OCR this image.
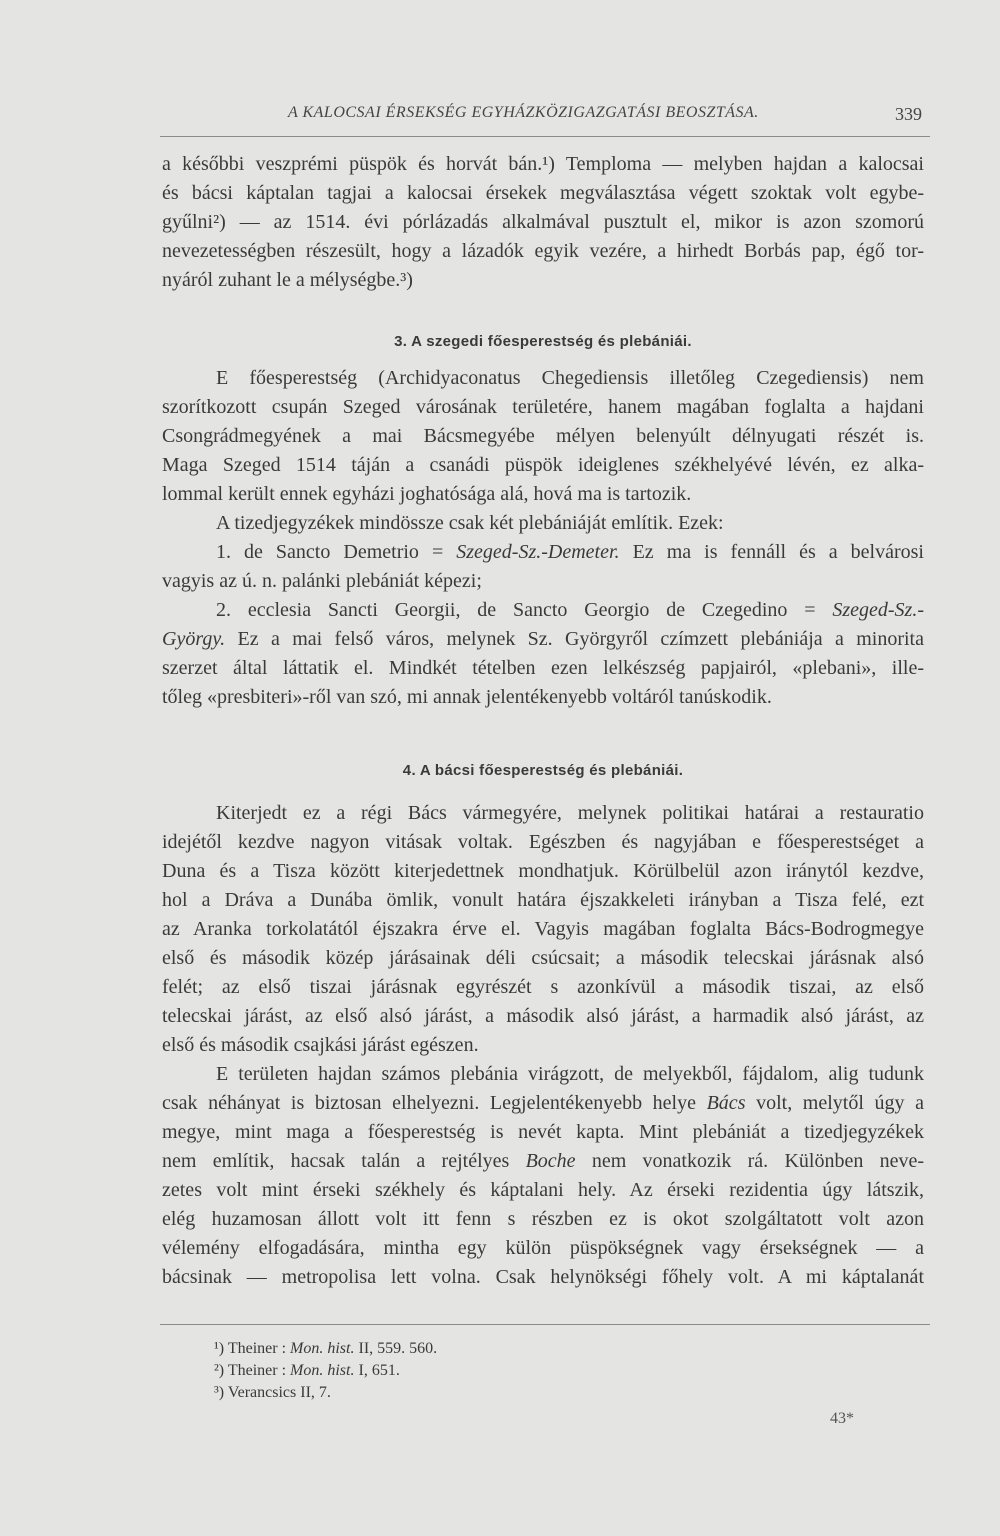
A KALOCSAI ÉRSEKSÉG EGYHÁZKÖZIGAZGATÁSI BEOSZTÁSA.	339
a későbbi veszprémi püspök és horvát bán.¹) Temploma — melyben hajdan a kalocsai
és bácsi káptalan tagjai a kalocsai érsekek megválasztása végett szoktak volt egybe-
gyűlni²) — az 1514. évi pórlázadás alkalmával pusztult el, mikor is azon szomorú
nevezetességben részesült, hogy a lázadók egyik vezére, a hirhedt Borbás pap, égő tor-
nyáról zuhant le a mélységbe.³)
3. A szegedi főesperestség és plebániái.
E főesperestség (Archidyaconatus Chegediensis illetőleg Czegediensis) nem
szorítkozott csupán Szeged városának területére, hanem magában foglalta a hajdani
Csongrádmegyének a mai Bácsmegyébe mélyen belenyúlt délnyugati részét is.
Maga Szeged 1514 táján a csanádi püspök ideiglenes székhelyévé lévén, ez alka-
lommal került ennek egyházi joghatósága alá, hová ma is tartozik.
A tizedjegyzékek mindössze csak két plebániáját említik. Ezek:
1. de Sancto Demetrio = Szeged-Sz.-Demeter. Ez ma is fennáll és a belvárosi
vagyis az ú. n. palánki plebániát képezi;
2. ecclesia Sancti Georgii, de Sancto Georgio de Czegedino = Szeged-Sz.-
György. Ez a mai felső város, melynek Sz. Györgyről czímzett plebániája a minorita
szerzet által láttatik el. Mindkét tételben ezen lelkészség papjairól, «plebani», ille-
tőleg «presbiteri»-ről van szó, mi annak jelentékenyebb voltáról tanúskodik.
4. A bácsi főesperestség és plebániái.
Kiterjedt ez a régi Bács vármegyére, melynek politikai határai a restauratio
idejétől kezdve nagyon vitásak voltak. Egészben és nagyjában e főesperestséget a
Duna és a Tisza között kiterjedettnek mondhatjuk. Körülbelül azon iránytól kezdve,
hol a Dráva a Dunába ömlik, vonult határa éjszakkeleti irányban a Tisza felé, ezt
az Aranka torkolatától éjszakra érve el. Vagyis magában foglalta Bács-Bodrogmegye
első és második közép járásainak déli csúcsait; a második telecskai járásnak alsó
felét; az első tiszai járásnak egyrészét s azonkívül a második tiszai, az első
telecskai járást, az első alsó járást, a második alsó járást, a harmadik alsó járást, az
első és második csajkási járást egészen.
E területen hajdan számos plebánia virágzott, de melyekből, fájdalom, alig tudunk
csak néhányat is biztosan elhelyezni. Legjelentékenyebb helye Bács volt, melytől úgy a
megye, mint maga a főesperestség is nevét kapta. Mint plebániát a tizedjegyzékek
nem említik, hacsak talán a rejtélyes Boche nem vonatkozik rá. Különben neve-
zetes volt mint érseki székhely és káptalani hely. Az érseki rezidentia úgy látszik,
elég huzamosan állott volt itt fenn s részben ez is okot szolgáltatott volt azon
vélemény elfogadására, mintha egy külön püspökségnek vagy érsekségnek — a
bácsinak — metropolisa lett volna. Csak helynökségi főhely volt. A mi káptalanát
¹) Theiner : Mon. hist. II, 559. 560.
²) Theiner : Mon. hist. I, 651.
³) Verancsics II, 7.
43*
